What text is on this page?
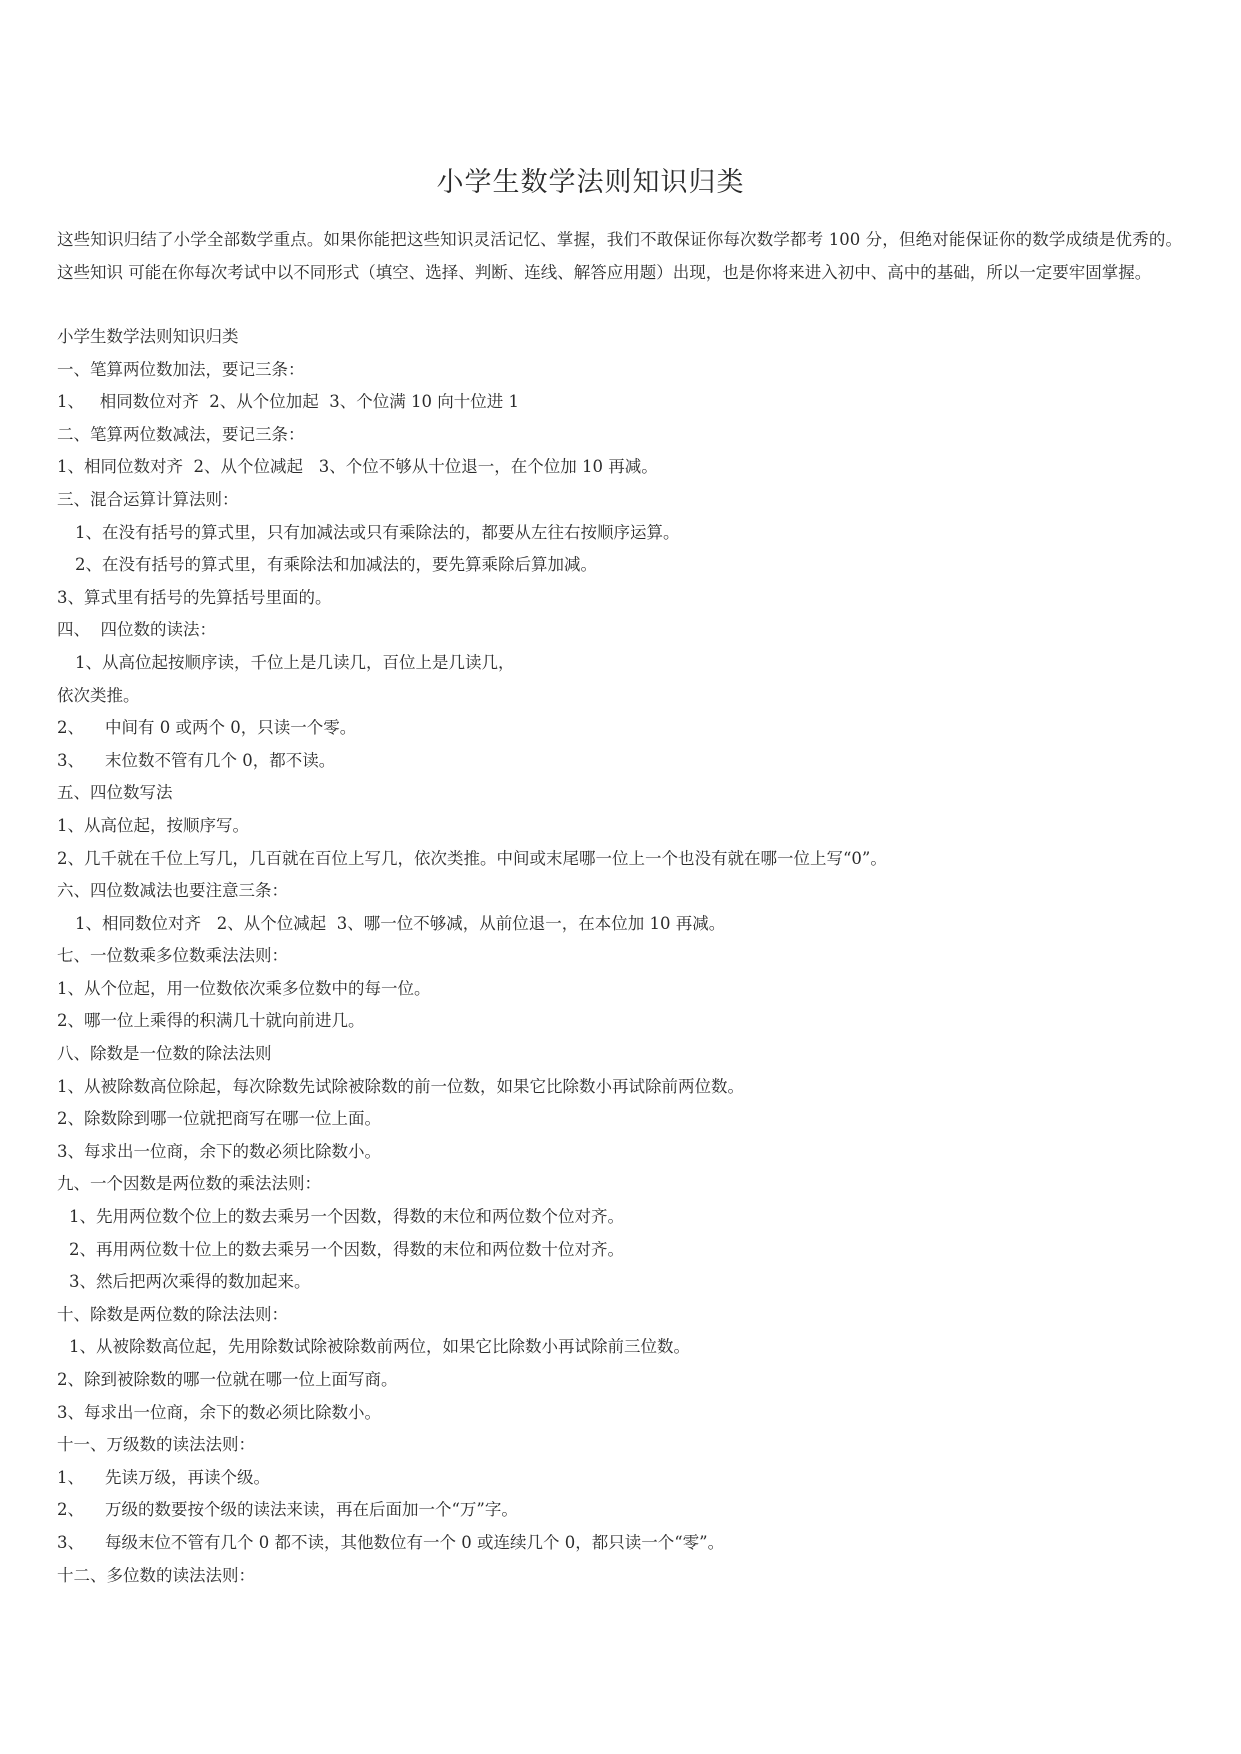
小学生数学法则知识归类
这些知识归结了小学全部数学重点。如果你能把这些知识灵活记忆、掌握，我们不敢保证你每次数学都考 100 分，但绝对能保证你的数学成绩是优秀的。这些知识 可能在你每次考试中以不同形式（填空、选择、判断、连线、解答应用题）出现，也是你将来进入初中、高中的基础，所以一定要牢固掌握。
小学生数学法则知识归类
一、笔算两位数加法，要记三条：
1、   相同数位对齐  2、从个位加起  3、个位满 10 向十位进 1
二、笔算两位数减法，要记三条：
1、相同位数对齐  2、从个位减起   3、个位不够从十位退一，在个位加 10 再减。
三、混合运算计算法则：
1、在没有括号的算式里，只有加减法或只有乘除法的，都要从左往右按顺序运算。
2、在没有括号的算式里，有乘除法和加减法的，要先算乘除后算加减。
3、算式里有括号的先算括号里面的。
四、  四位数的读法：
1、从高位起按顺序读，千位上是几读几，百位上是几读几，
依次类推。
2、    中间有 0 或两个 0，只读一个零。
3、    末位数不管有几个 0，都不读。
五、四位数写法
1、从高位起，按顺序写。
2、几千就在千位上写几，几百就在百位上写几，依次类推。中间或末尾哪一位上一个也没有就在哪一位上写“0”。
六、四位数减法也要注意三条：
1、相同数位对齐   2、从个位减起  3、哪一位不够减，从前位退一，在本位加 10 再减。
七、一位数乘多位数乘法法则：
1、从个位起，用一位数依次乘多位数中的每一位。
2、哪一位上乘得的积满几十就向前进几。
八、除数是一位数的除法法则
1、从被除数高位除起，每次除数先试除被除数的前一位数，如果它比除数小再试除前两位数。
2、除数除到哪一位就把商写在哪一位上面。
3、每求出一位商，余下的数必须比除数小。
九、一个因数是两位数的乘法法则：
1、先用两位数个位上的数去乘另一个因数，得数的末位和两位数个位对齐。
2、再用两位数十位上的数去乘另一个因数，得数的末位和两位数十位对齐。
3、然后把两次乘得的数加起来。
十、除数是两位数的除法法则：
1、从被除数高位起，先用除数试除被除数前两位，如果它比除数小再试除前三位数。
2、除到被除数的哪一位就在哪一位上面写商。
3、每求出一位商，余下的数必须比除数小。
十一、万级数的读法法则：
1、    先读万级，再读个级。
2、    万级的数要按个级的读法来读，再在后面加一个“万”字。
3、    每级末位不管有几个 0 都不读，其他数位有一个 0 或连续几个 0，都只读一个“零”。
十二、多位数的读法法则：
